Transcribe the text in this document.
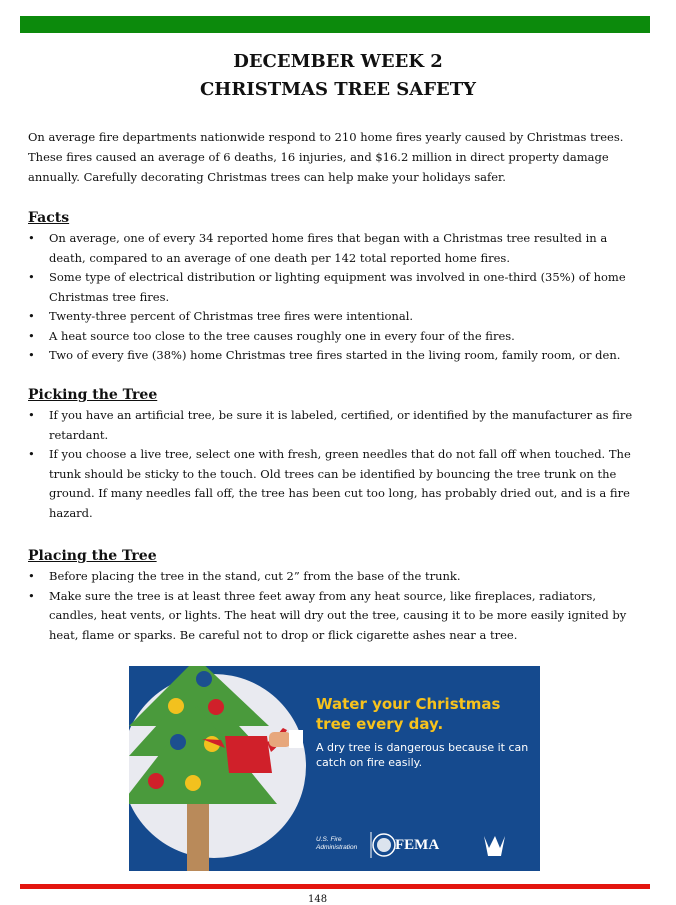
DECEMBER WEEK 2
CHRISTMAS TREE SAFETY
On average fire departments nationwide respond to 210 home fires yearly caused by Christmas trees. These fires caused an average of 6 deaths, 16 injuries, and $16.2 million in direct property damage annually. Carefully decorating Christmas trees can help make your holidays safer.
Facts
• On average, one of every 34 reported home fires that began with a Christmas tree resulted in a death, compared to an average of one death per 142 total reported home fires.
• Some type of electrical distribution or lighting equipment was involved in one-third (35%) of home Christmas tree fires.
• Twenty-three percent of Christmas tree fires were intentional.
• A heat source too close to the tree causes roughly one in every four of the fires.
• Two of every five (38%) home Christmas tree fires started in the living room, family room, or den.
Picking the Tree
• If you have an artificial tree, be sure it is labeled, certified, or identified by the manufacturer as fire retardant.
• If you choose a live tree, select one with fresh, green needles that do not fall off when touched. The trunk should be sticky to the touch. Old trees can be identified by bouncing the tree trunk on the ground. If many needles fall off, the tree has been cut too long, has probably dried out, and is a fire hazard.
Placing the Tree
• Before placing the tree in the stand, cut 2” from the base of the trunk.
• Make sure the tree is at least three feet away from any heat source, like fireplaces, radiators, candles, heat vents, or lights. The heat will dry out the tree, causing it to be more easily ignited by heat, flame or sparks. Be careful not to drop or flick cigarette ashes near a tree.
Water your Christmas tree every day.
A dry tree is dangerous because it can catch on fire easily.
U.S. Fire Administration	FEMA
148
